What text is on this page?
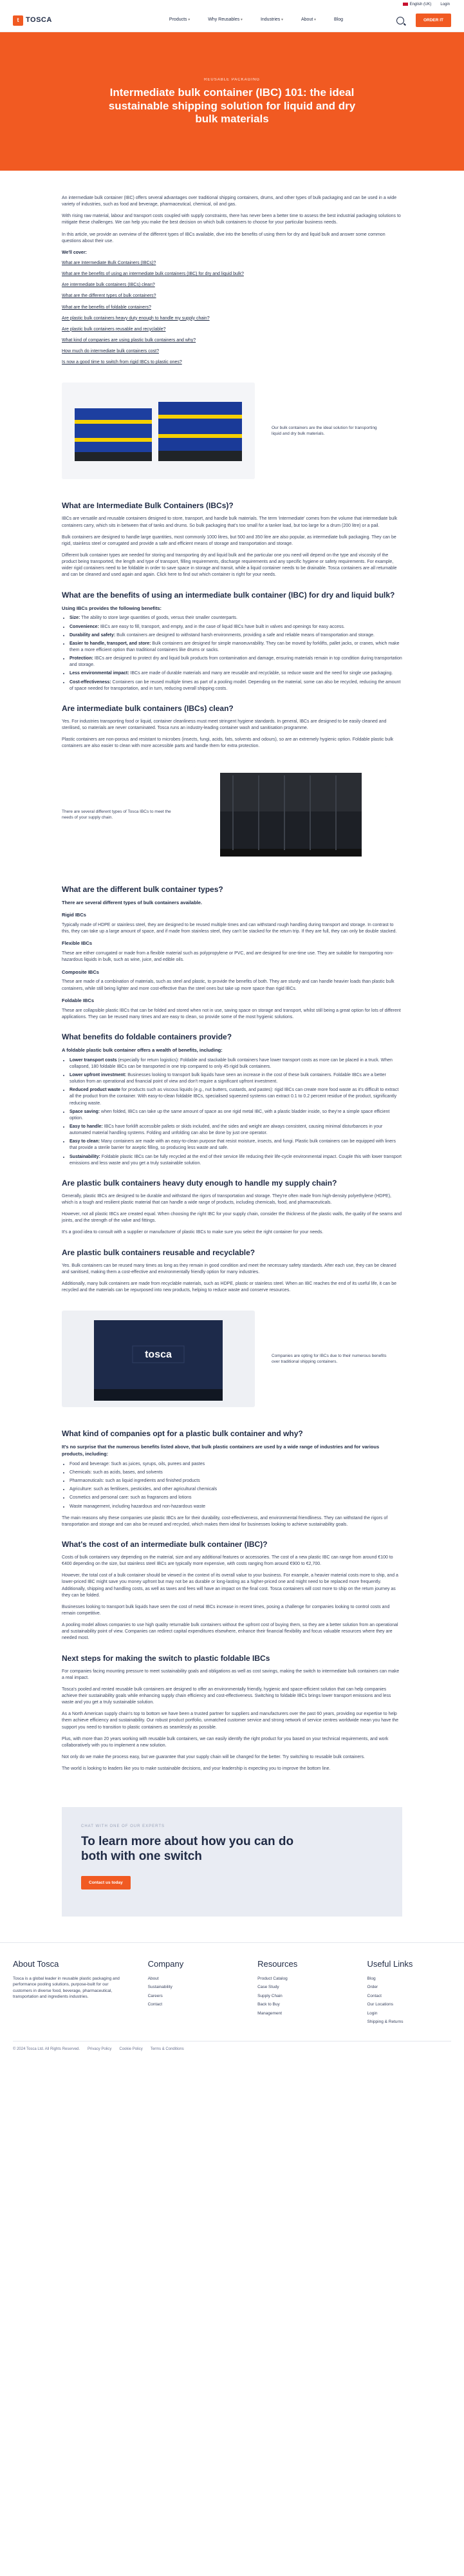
English (UK) Login
t TOSCA	Products ▾	Why Reusables ▾	Industries ▾	About ▾	Blog	ORDER IT
REUSABLE PACKAGING
Intermediate bulk container (IBC) 101: the ideal sustainable shipping solution for liquid and dry bulk materials

An intermediate bulk container (IBC) offers several advantages over traditional shipping containers, drums, and other types of bulk packaging and can be used in a wide variety of industries, such as food and beverage, pharmaceutical, chemical, oil and gas.

With rising raw material, labour and transport costs coupled with supply constraints, there has never been a better time to assess the best industrial packaging solutions to mitigate these challenges. We can help you make the best decision on which bulk containers to choose for your particular business needs.

In this article, we provide an overview of the different types of IBCs available, dive into the benefits of using them for dry and liquid bulk and answer some common questions about their use.

We'll cover:
What are Intermediate Bulk Containers (IBCs)?
What are the benefits of using an intermediate bulk containers (IBC) for dry and liquid bulk?
Are intermediate bulk containers (IBCs) clean?
What are the different types of bulk containers?
What are the benefits of foldable containers?
Are plastic bulk containers heavy duty enough to handle my supply chain?
Are plastic bulk containers reusable and recyclable?
What kind of companies are using plastic bulk containers and why?
How much do intermediate bulk containers cost?
Is now a good time to switch from rigid IBCs to plastic ones?
Our bulk containers are the ideal solution for transporting liquid and dry bulk materials.
What are Intermediate Bulk Containers (IBCs)?

IBCs are versatile and reusable containers designed to store, transport, and handle bulk materials. The term 'intermediate' comes from the volume that intermediate bulk containers carry, which sits in between that of tanks and drums. So bulk packaging that's too small for a tanker load, but too large for a drum (200 litre) or a pail.

Bulk containers are designed to handle large quantities, most commonly 1000 litres, but 500 and 350 litre are also popular, as intermediate bulk packaging. They can be rigid, stainless steel or corrugated and provide a safe and efficient means of storage and transportation and storage.

Different bulk container types are needed for storing and transporting dry and liquid bulk and the particular one you need will depend on the type and viscosity of the product being transported, the length and type of transport, filling requirements, discharge requirements and any specific hygiene or safety requirements. For example, wider rigid containers need to be foldable in order to save space in storage and transit, while a liquid container needs to be drainable. Tosca containers are all returnable and can be cleaned and used again and again. Click here to find out which container is right for your needs.

What are the benefits of using an intermediate bulk container (IBC) for dry and liquid bulk?
Using IBCs provides the following benefits:
• Size: The ability to store large quantities of goods, versus their smaller counterparts.
• Convenience: IBCs are easy to fill, transport, and empty, and in the case of liquid IBCs have built in valves and openings for easy access.
• Durability and safety: Bulk containers are designed to withstand harsh environments, providing a safe and reliable means of transportation and storage.
• Easier to handle, transport, and store: Bulk containers are designed for simple manoeuvrability. They can be moved by forklifts, pallet jacks, or cranes, which make them a more efficient option than traditional containers like drums or sacks.
• Protection: IBCs are designed to protect dry and liquid bulk products from contamination and damage, ensuring materials remain in top condition during transportation and storage.
• Less environmental impact: IBCs are made of durable materials and many are reusable and recyclable, so reduce waste and the need for single use packaging.
• Cost-effectiveness: Containers can be reused multiple times as part of a pooling model. Depending on the material, some can also be recycled, reducing the amount of space needed for transportation, and in turn, reducing overall shipping costs.
Are intermediate bulk containers (IBCs) clean?

Yes. For industries transporting food or liquid, container cleanliness must meet stringent hygiene standards. In general, IBCs are designed to be easily cleaned and sterilised, so materials are never contaminated. Tosca runs an industry-leading container wash and sanitisation programme.

Plastic containers are non-porous and resistant to microbes (insects, fungi, acids, fats, solvents and odours), so are an extremely hygienic option. Foldable plastic bulk containers are also easier to clean with more accessible parts and handle them for extra protection.

There are several different types of Tosca IBCs to meet the needs of your supply chain.
What are the different bulk container types?
There are several different types of bulk containers available.
Rigid IBCs

Typically made of HDPE or stainless steel, they are designed to be reused multiple times and can withstand rough handling during transport and storage. In contrast to this, they can take up a large amount of space, and if made from stainless steel, they can't be stacked for the return trip. If they are full, they can only be double stacked.

Flexible IBCs

These are either corrugated or made from a flexible material such as polypropylene or PVC, and are designed for one-time use. They are suitable for transporting non-hazardous liquids in bulk, such as wine, juice, and edible oils.

Composite IBCs

These are made of a combination of materials, such as steel and plastic, to provide the benefits of both. They are sturdy and can handle heavier loads than plastic bulk containers, while still being lighter and more cost-effective than the steel ones but take up more space than rigid IBCs.

Foldable IBCs

These are collapsible plastic IBCs that can be folded and stored when not in use, saving space on storage and transport, whilst still being a great option for lots of different applications. They can be reused many times and are easy to clean, so provide some of the most hygienic solutions.

What benefits do foldable containers provide?
A foldable plastic bulk container offers a wealth of benefits, including:
• Lower transport costs (especially for return logistics): Foldable and stackable bulk containers have lower transport costs as more can be placed in a truck. When collapsed, 180 foldable IBCs can be transported in one trip compared to only 45 rigid bulk containers.
• Lower upfront investment: Businesses looking to transport bulk liquids have seen an increase in the cost of these bulk containers. Foldable IBCs are a better solution from an operational and financial point of view and don't require a significant upfront investment.
• Reduced product waste for products such as viscous liquids (e.g., nut butters, custards, and pastes): rigid IBCs can create more food waste as it's difficult to extract all the product from the container. With easy-to-clean foldable IBCs, specialised squeezed systems can extract 0.1 to 0.2 percent residue of the product, significantly reducing waste.
• Space saving: when folded, IBCs can take up the same amount of space as one rigid metal IBC, with a plastic bladder inside, so they're a simple space efficient option.
• Easy to handle: IBCs have forklift accessible pallets or skids included, and the sides and weight are always consistent, causing minimal disturbances in your automated material handling systems. Folding and unfolding can also be done by just one operator.
• Easy to clean: Many containers are made with an easy-to-clean purpose that resist moisture, insects, and fungi. Plastic bulk containers can be equipped with liners that provide a sterile barrier for aseptic filling, so producing less waste and safe.
• Sustainability: Foldable plastic IBCs can be fully recycled at the end of their service life reducing their life-cycle environmental impact. Couple this with lower transport emissions and less waste and you get a truly sustainable solution.
Are plastic bulk containers heavy duty enough to handle my supply chain?

Generally, plastic IBCs are designed to be durable and withstand the rigors of transportation and storage. They're often made from high-density polyethylene (HDPE), which is a tough and resilient plastic material that can handle a wide range of products, including chemicals, food, and pharmaceuticals.

However, not all plastic IBCs are created equal. When choosing the right IBC for your supply chain, consider the thickness of the plastic walls, the quality of the seams and joints, and the strength of the valve and fittings.

It's a good idea to consult with a supplier or manufacturer of plastic IBCs to make sure you select the right container for your needs.

Are plastic bulk containers reusable and recyclable?

Yes. Bulk containers can be reused many times as long as they remain in good condition and meet the necessary safety standards. After each use, they can be cleaned and sanitised, making them a cost-effective and environmentally friendly option for many industries.

Additionally, many bulk containers are made from recyclable materials, such as HDPE, plastic or stainless steel. When an IBC reaches the end of its useful life, it can be recycled and the materials can be repurposed into new products, helping to reduce waste and conserve resources.

tosca	Companies are opting for IBCs due to their numerous benefits over traditional shipping containers.
What kind of companies opt for a plastic bulk container and why?
It's no surprise that the numerous benefits listed above, that bulk plastic containers are used by a wide range of industries and for various products, including:
• Food and beverage: Such as juices, syrups, oils, purees and pastes
• Chemicals: such as acids, bases, and solvents
• Pharmaceuticals: such as liquid ingredients and finished products
• Agriculture: such as fertilisers, pesticides, and other agricultural chemicals
• Cosmetics and personal care: such as fragrances and lotions
• Waste management, including hazardous and non-hazardous waste

The main reasons why these companies use plastic IBCs are for their durability, cost-effectiveness, and environmental friendliness. They can withstand the rigors of transportation and storage and can also be reused and recycled, which makes them ideal for businesses looking to achieve sustainability goals.

What's the cost of an intermediate bulk container (IBC)?

Costs of bulk containers vary depending on the material, size and any additional features or accessories. The cost of a new plastic IBC can range from around €100 to €400 depending on the size, but stainless steel IBCs are typically more expensive, with costs ranging from around €900 to €2,700.

However, the total cost of a bulk container should be viewed in the context of its overall value to your business. For example, a heavier material costs more to ship, and a lower-priced IBC might save you money upfront but may not be as durable or long-lasting as a higher-priced one and might need to be replaced more frequently. Additionally, shipping and handling costs, as well as taxes and fees will have an impact on the final cost. Tosca containers will cost more to ship on the return journey as they can be folded.

Businesses looking to transport bulk liquids have seen the cost of metal IBCs increase in recent times, posing a challenge for companies looking to control costs and remain competitive.

A pooling model allows companies to use high quality returnable bulk containers without the upfront cost of buying them, so they are a better solution from an operational and sustainability point of view. Companies can redirect capital expenditures elsewhere, enhance their financial flexibility and focus valuable resources where they are needed most.

Next steps for making the switch to plastic foldable IBCs

For companies facing mounting pressure to meet sustainability goals and obligations as well as cost savings, making the switch to intermediate bulk containers can make a real impact.

Tosca's pooled and rented reusable bulk containers are designed to offer an environmentally friendly, hygienic and space-efficient solution that can help companies achieve their sustainability goals while enhancing supply chain efficiency and cost-effectiveness. Switching to foldable IBCs brings lower transport emissions and less waste and you get a truly sustainable solution.

As a North American supply chain's top to bottom we have been a trusted partner for suppliers and manufacturers over the past 60 years, providing our expertise to help them achieve efficiency and sustainability. Our robust product portfolio, unmatched customer service and strong network of service centres worldwide mean you have the support you need to transition to plastic containers as seamlessly as possible.

Plus, with more than 20 years working with reusable bulk containers, we can easily identify the right product for you based on your technical requirements, and work collaboratively with you to implement a new solution.

Not only do we make the process easy, but we guarantee that your supply chain will be changed for the better. Try switching to reusable bulk containers.

The world is looking to leaders like you to make sustainable decisions, and your leadership is expecting you to improve the bottom line.

CHAT WITH ONE OF OUR EXPERTS
To learn more about how you can do both with one switch
Contact us today
About Tosca

Tosca is a global leader in reusable plastic packaging and performance pooling solutions, purpose-built for our customers in diverse food, beverage, pharmaceutical, transportation and ingredients industries.

Company
About
Sustainability
Careers
Contact
Resources
Product Catalog
Case Study
Supply Chain
Back to Buy
Management
Useful Links
Blog
Order
Contact
Our Locations
Login
Shipping & Returns
© 2024 Tosca Ltd. All Rights Reserved. Privacy Policy Cookie Policy Terms & Conditions
